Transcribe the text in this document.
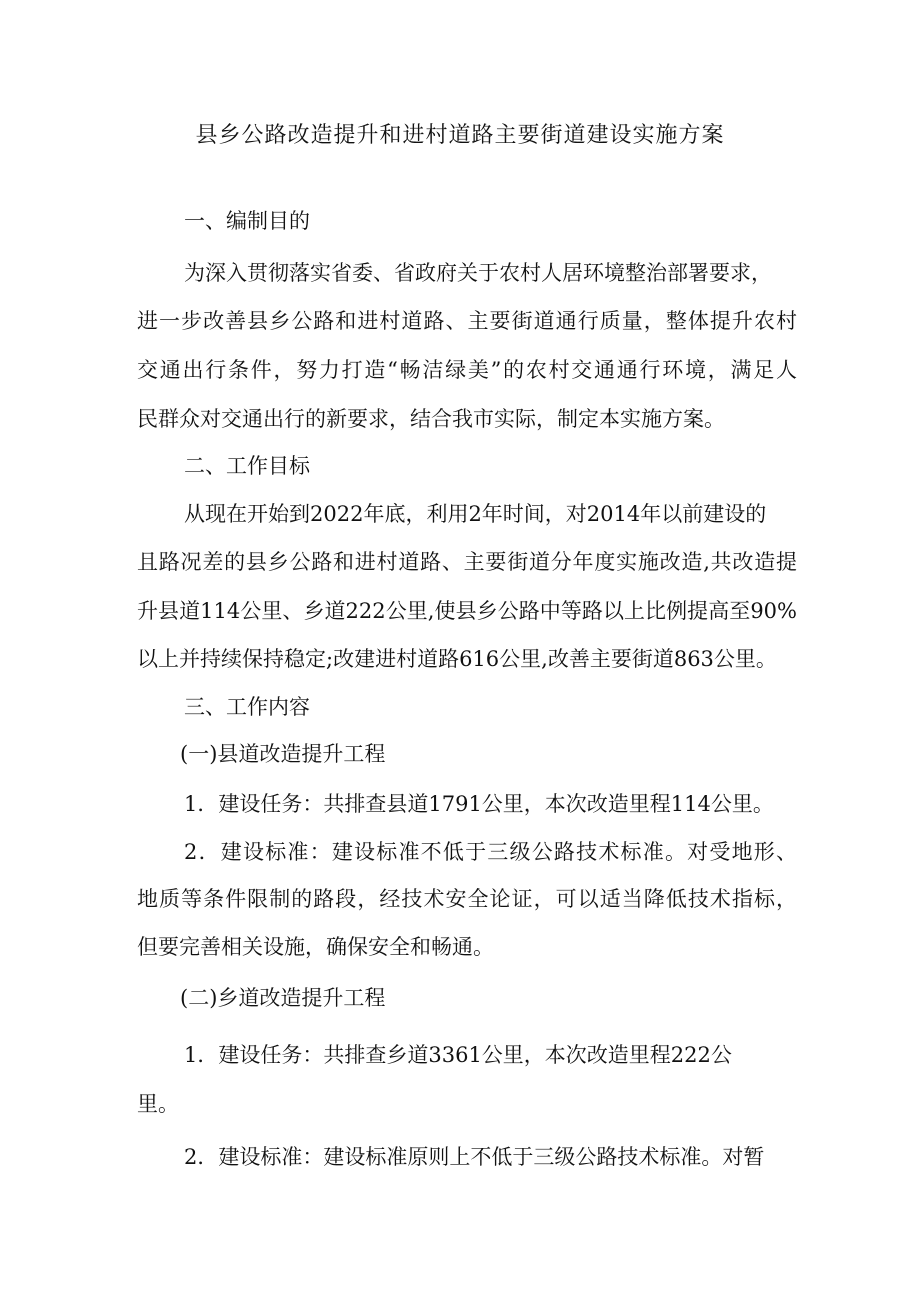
县乡公路改造提升和进村道路主要街道建设实施方案

一、编制目的

为深入贯彻落实省委、省政府关于农村人居环境整治部署要求，

进一步改善县乡公路和进村道路、主要街道通行质量，整体提升农村

交通出行条件，努力打造“畅洁绿美”的农村交通通行环境，满足人

民群众对交通出行的新要求，结合我市实际，制定本实施方案。

二、工作目标

从现在开始到2022年底，利用2年时间，对2014年以前建设的

且路况差的县乡公路和进村道路、主要街道分年度实施改造,共改造提

升县道114公里、乡道222公里,使县乡公路中等路以上比例提高至90%

以上并持续保持稳定;改建进村道路616公里,改善主要街道863公里。

三、工作内容

(一)县道改造提升工程

1．建设任务：共排查县道1791公里，本次改造里程114公里。

2．建设标准：建设标准不低于三级公路技术标准。对受地形、

地质等条件限制的路段，经技术安全论证，可以适当降低技术指标，

但要完善相关设施，确保安全和畅通。

(二)乡道改造提升工程

1．建设任务：共排查乡道3361公里，本次改造里程222公

里。

2．建设标准：建设标准原则上不低于三级公路技术标准。对暂
